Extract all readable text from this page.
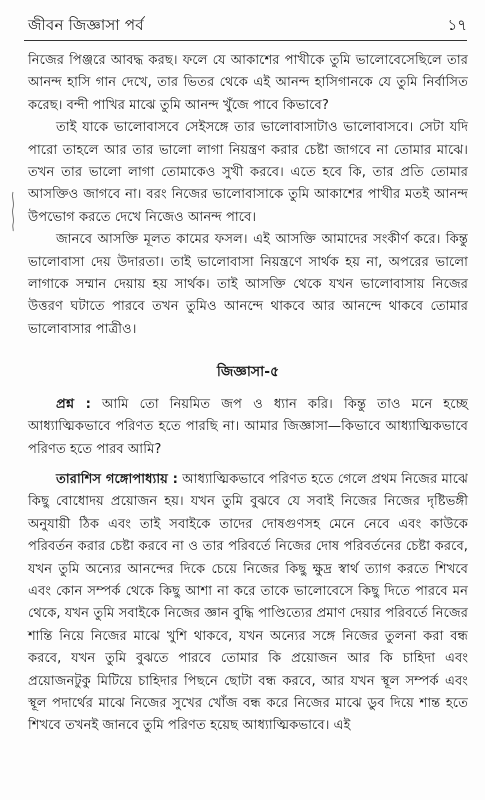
জীবন জিজ্ঞাসা পর্ব	১৭

নিজের পিঞ্জরে আবদ্ধ করছ। ফলে যে আকাশের পাখীকে তুমি ভালোবেসেছিলে তার আনন্দ হাসি গান দেখে, তার ভিতর থেকে এই আনন্দ হাসিগানকে যে তুমি নির্বাসিত করেছ। বন্দী পাখির মাঝে তুমি আনন্দ খুঁজে পাবে কিভাবে?

তাই যাকে ভালোবাসবে সেইসঙ্গে তার ভালোবাসাটাও ভালোবাসবে। সেটা যদি পারো তাহলে আর তার ভালো লাগা নিয়ন্ত্রণ করার চেষ্টা জাগবে না তোমার মাঝে। তখন তার ভালো লাগা তোমাকেও সুখী করবে। এতে হবে কি, তার প্রতি তোমার আসক্তিও জাগবে না। বরং নিজের ভালোবাসাকে তুমি আকাশের পাখীর মতই আনন্দ উপভোগ করতে দেখে নিজেও আনন্দ পাবে।

জানবে আসক্তি মূলত কামের ফসল। এই আসক্তি আমাদের সংকীর্ণ করে। কিন্তু ভালোবাসা দেয় উদারতা। তাই ভালোবাসা নিয়ন্ত্রণে সার্থক হয় না, অপরের ভালো লাগাকে সম্মান দেয়ায় হয় সার্থক। তাই আসক্তি থেকে যখন ভালোবাসায় নিজের উত্তরণ ঘটাতে পারবে তখন তুমিও আনন্দে থাকবে আর আনন্দে থাকবে তোমার ভালোবাসার পাত্রীও।

জিজ্ঞাসা-৫

প্রশ্ন : আমি তো নিয়মিত জপ ও ধ্যান করি। কিন্তু তাও মনে হচ্ছে আধ্যাত্মিকভাবে পরিণত হতে পারছি না। আমার জিজ্ঞাসা—কিভাবে আধ্যাত্মিকভাবে পরিণত হতে পারব আমি?

তারাশিস গঙ্গোপাধ্যায় : আধ্যাত্মিকভাবে পরিণত হতে গেলে প্রথম নিজের মাঝে কিছু বোধোদয় প্রয়োজন হয়। যখন তুমি বুঝবে যে সবাই নিজের নিজের দৃষ্টিভঙ্গী অনুযায়ী ঠিক এবং তাই সবাইকে তাদের দোষগুণসহ মেনে নেবে এবং কাউকে পরিবর্তন করার চেষ্টা করবে না ও তার পরিবর্তে নিজের দোষ পরিবর্তনের চেষ্টা করবে, যখন তুমি অন্যের আনন্দের দিকে চেয়ে নিজের কিছু ক্ষুদ্র স্বার্থ ত্যাগ করতে শিখবে এবং কোন সম্পর্ক থেকে কিছু আশা না করে তাকে ভালোবেসে কিছু দিতে পারবে মন থেকে, যখন তুমি সবাইকে নিজের জ্ঞান বুদ্ধি পাণ্ডিত্যের প্রমাণ দেয়ার পরিবর্তে নিজের শান্তি নিয়ে নিজের মাঝে খুশি থাকবে, যখন অন্যের সঙ্গে নিজের তুলনা করা বন্ধ করবে, যখন তুমি বুঝতে পারবে তোমার কি প্রয়োজন আর কি চাহিদা এবং প্রয়োজনটুকু মিটিয়ে চাহিদার পিছনে ছোটা বন্ধ করবে, আর যখন স্থূল সম্পর্ক এবং স্থূল পদার্থের মাঝে নিজের সুখের খোঁজ বন্ধ করে নিজের মাঝে ডুব দিয়ে শান্ত হতে শিখবে তখনই জানবে তুমি পরিণত হয়েছ আধ্যাত্মিকভাবে। এই
